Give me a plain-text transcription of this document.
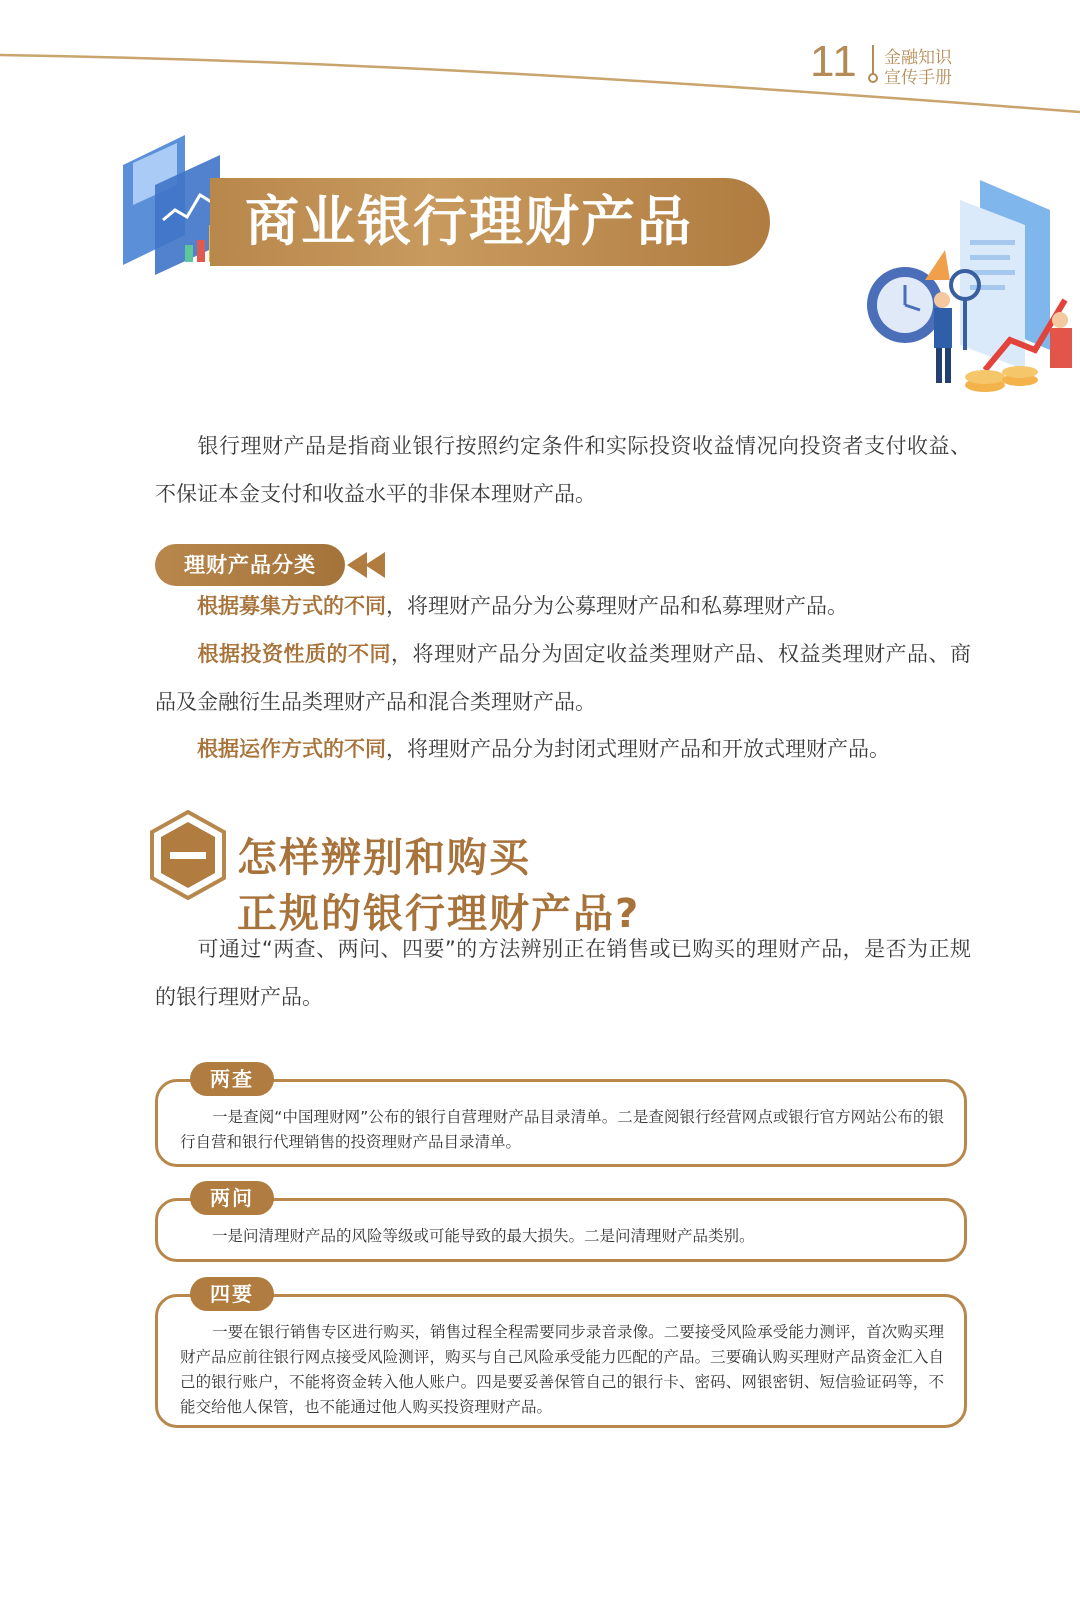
11 金融知识
宣传手册
商业银行理财产品
银行理财产品是指商业银行按照约定条件和实际投资收益情况向投资者支付收益、不保证本金支付和收益水平的非保本理财产品。
理财产品分类
根据募集方式的不同，将理财产品分为公募理财产品和私募理财产品。
根据投资性质的不同，将理财产品分为固定收益类理财产品、权益类理财产品、商品及金融衍生品类理财产品和混合类理财产品。
根据运作方式的不同，将理财产品分为封闭式理财产品和开放式理财产品。
怎样辨别和购买
正规的银行理财产品?
可通过“两查、两问、四要”的方法辨别正在销售或已购买的理财产品，是否为正规的银行理财产品。
两查
一是查阅“中国理财网”公布的银行自营理财产品目录清单。二是查阅银行经营网点或银行官方网站公布的银行自营和银行代理销售的投资理财产品目录清单。
两问
一是问清理财产品的风险等级或可能导致的最大损失。二是问清理财产品类别。
四要
一要在银行销售专区进行购买，销售过程全程需要同步录音录像。二要接受风险承受能力测评，首次购买理财产品应前往银行网点接受风险测评，购买与自己风险承受能力匹配的产品。三要确认购买理财产品资金汇入自己的银行账户，不能将资金转入他人账户。四是要妥善保管自己的银行卡、密码、网银密钥、短信验证码等，不能交给他人保管，也不能通过他人购买投资理财产品。
